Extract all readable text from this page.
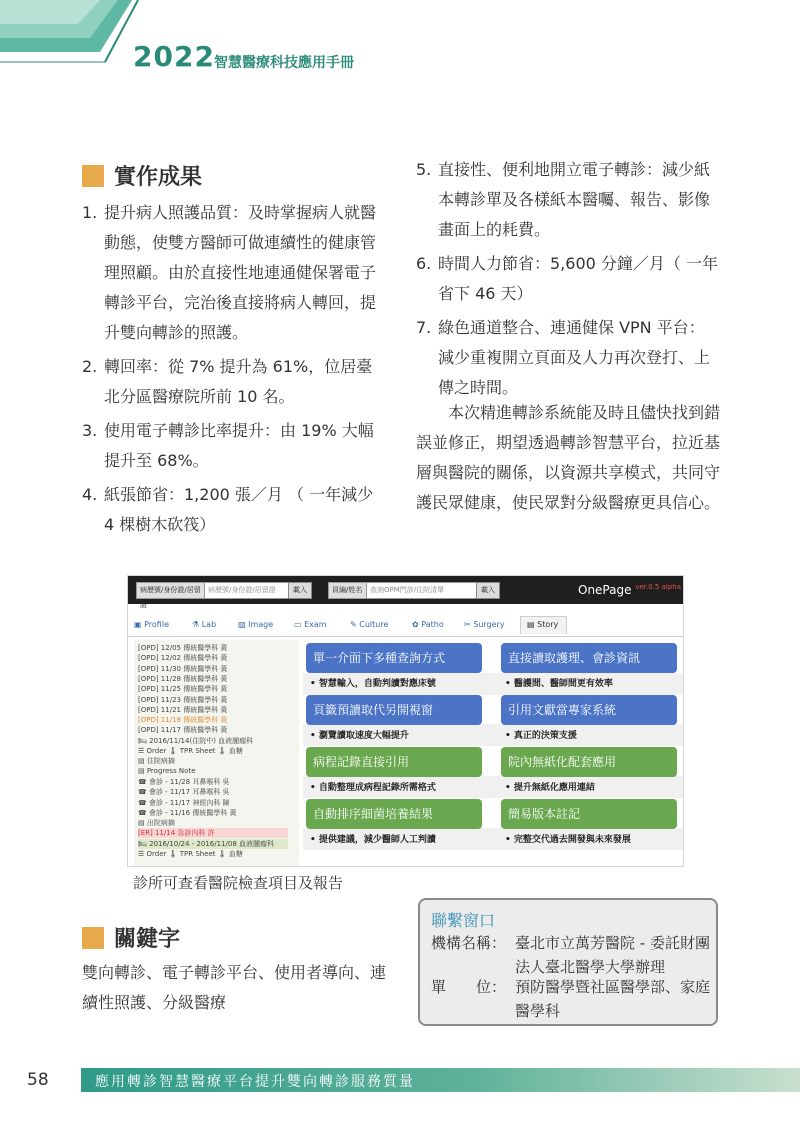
2022 智慧醫療科技應用手冊
實作成果
1. 提升病人照護品質：及時掌握病人就醫動態，使雙方醫師可做連續性的健康管理照顧。由於直接性地連通健保署電子轉診平台，完治後直接將病人轉回，提升雙向轉診的照護。
2. 轉回率：從 7% 提升為 61%，位居臺北分區醫療院所前 10 名。
3. 使用電子轉診比率提升：由 19% 大幅提升至 68%。
4. 紙張節省：1,200 張／月 （ 一年減少 4 棵樹木砍筏）
5. 直接性、便利地開立電子轉診：減少紙本轉診單及各樣紙本醫囑、報告、影像畫面上的耗費。
6. 時間人力節省：5,600 分鐘／月（ 一年省下 46 天）
7. 綠色通道整合、連通健保 VPN 平台：減少重複開立頁面及人力再次登打、上傳之時間。
本次精進轉診系統能及時且儘快找到錯誤並修正，期望透過轉診智慧平台，拉近基層與醫院的關係，以資源共享模式，共同守護民眾健康，使民眾對分級醫療更具信心。
病歷號/身份證/居留證
病歷號/身份證/居留證	載入	員編/姓名	查詢OPM門診/住院清單	載入	OnePage $^{ver.0.5 alpha}$
▣ Profile	⚗ Lab	▨ Image	▭ Exam	✎ Culture	✿ Patho	✂ Surgery	▤ Story
[OPD] 12/05 傳統醫學科 黃
[OPD] 12/02 傳統醫學科 黃
[OPD] 11/30 傳統醫學科 黃
[OPD] 11/28 傳統醫學科 黃
[OPD] 11/25 傳統醫學科 黃
[OPD] 11/23 傳統醫學科 黃
[OPD] 11/21 傳統醫學科 黃
[OPD] 11/18 傳統醫學科 黃
[OPD] 11/17 傳統醫學科 黃
🛏 2016/11/14(住院中) 血液腫瘤科
☰ Order 🌡 TPR Sheet 🌡 血糖
▤ 住院病摘
▤ Progress Note
☎ 會診 - 11/28 耳鼻喉科 吳
☎ 會診 - 11/17 耳鼻喉科 吳
☎ 會診 - 11/17 神經內科 陳
☎ 會診 - 11/16 傳統醫學科 黃
▤ 出院病摘
[ER] 11/14 急診內科 許
🛏 2016/10/24 - 2016/11/08 血液腫瘤科
☰ Order 🌡 TPR Sheet 🌡 血糖
單一介面下多種查詢方式
• 智慧輸入，自動判讀對應床號
直接讀取護理、會診資訊
• 醫護間、醫師間更有效率
頁籤預讀取代另開視窗
• 瀏覽讀取速度大幅提升
引用文獻當專家系統
• 真正的決策支援
病程記錄直接引用
• 自動整理成病程記錄所需格式
院內無紙化配套應用
• 提升無紙化應用連結
自動排序細菌培養結果
• 提供建議，減少醫師人工判讀
簡易版本註記
• 完整交代過去開發與未來發展
診所可查看醫院檢查項目及報告
關鍵字
雙向轉診、電子轉診平台、使用者導向、連續性照護、分級醫療
聯繫窗口
機構名稱： 臺北市立萬芳醫院 - 委託財團法人臺北醫學大學辦理
單　　位： 預防醫學暨社區醫學部、家庭醫學科
58	應用轉診智慧醫療平台提升雙向轉診服務質量
